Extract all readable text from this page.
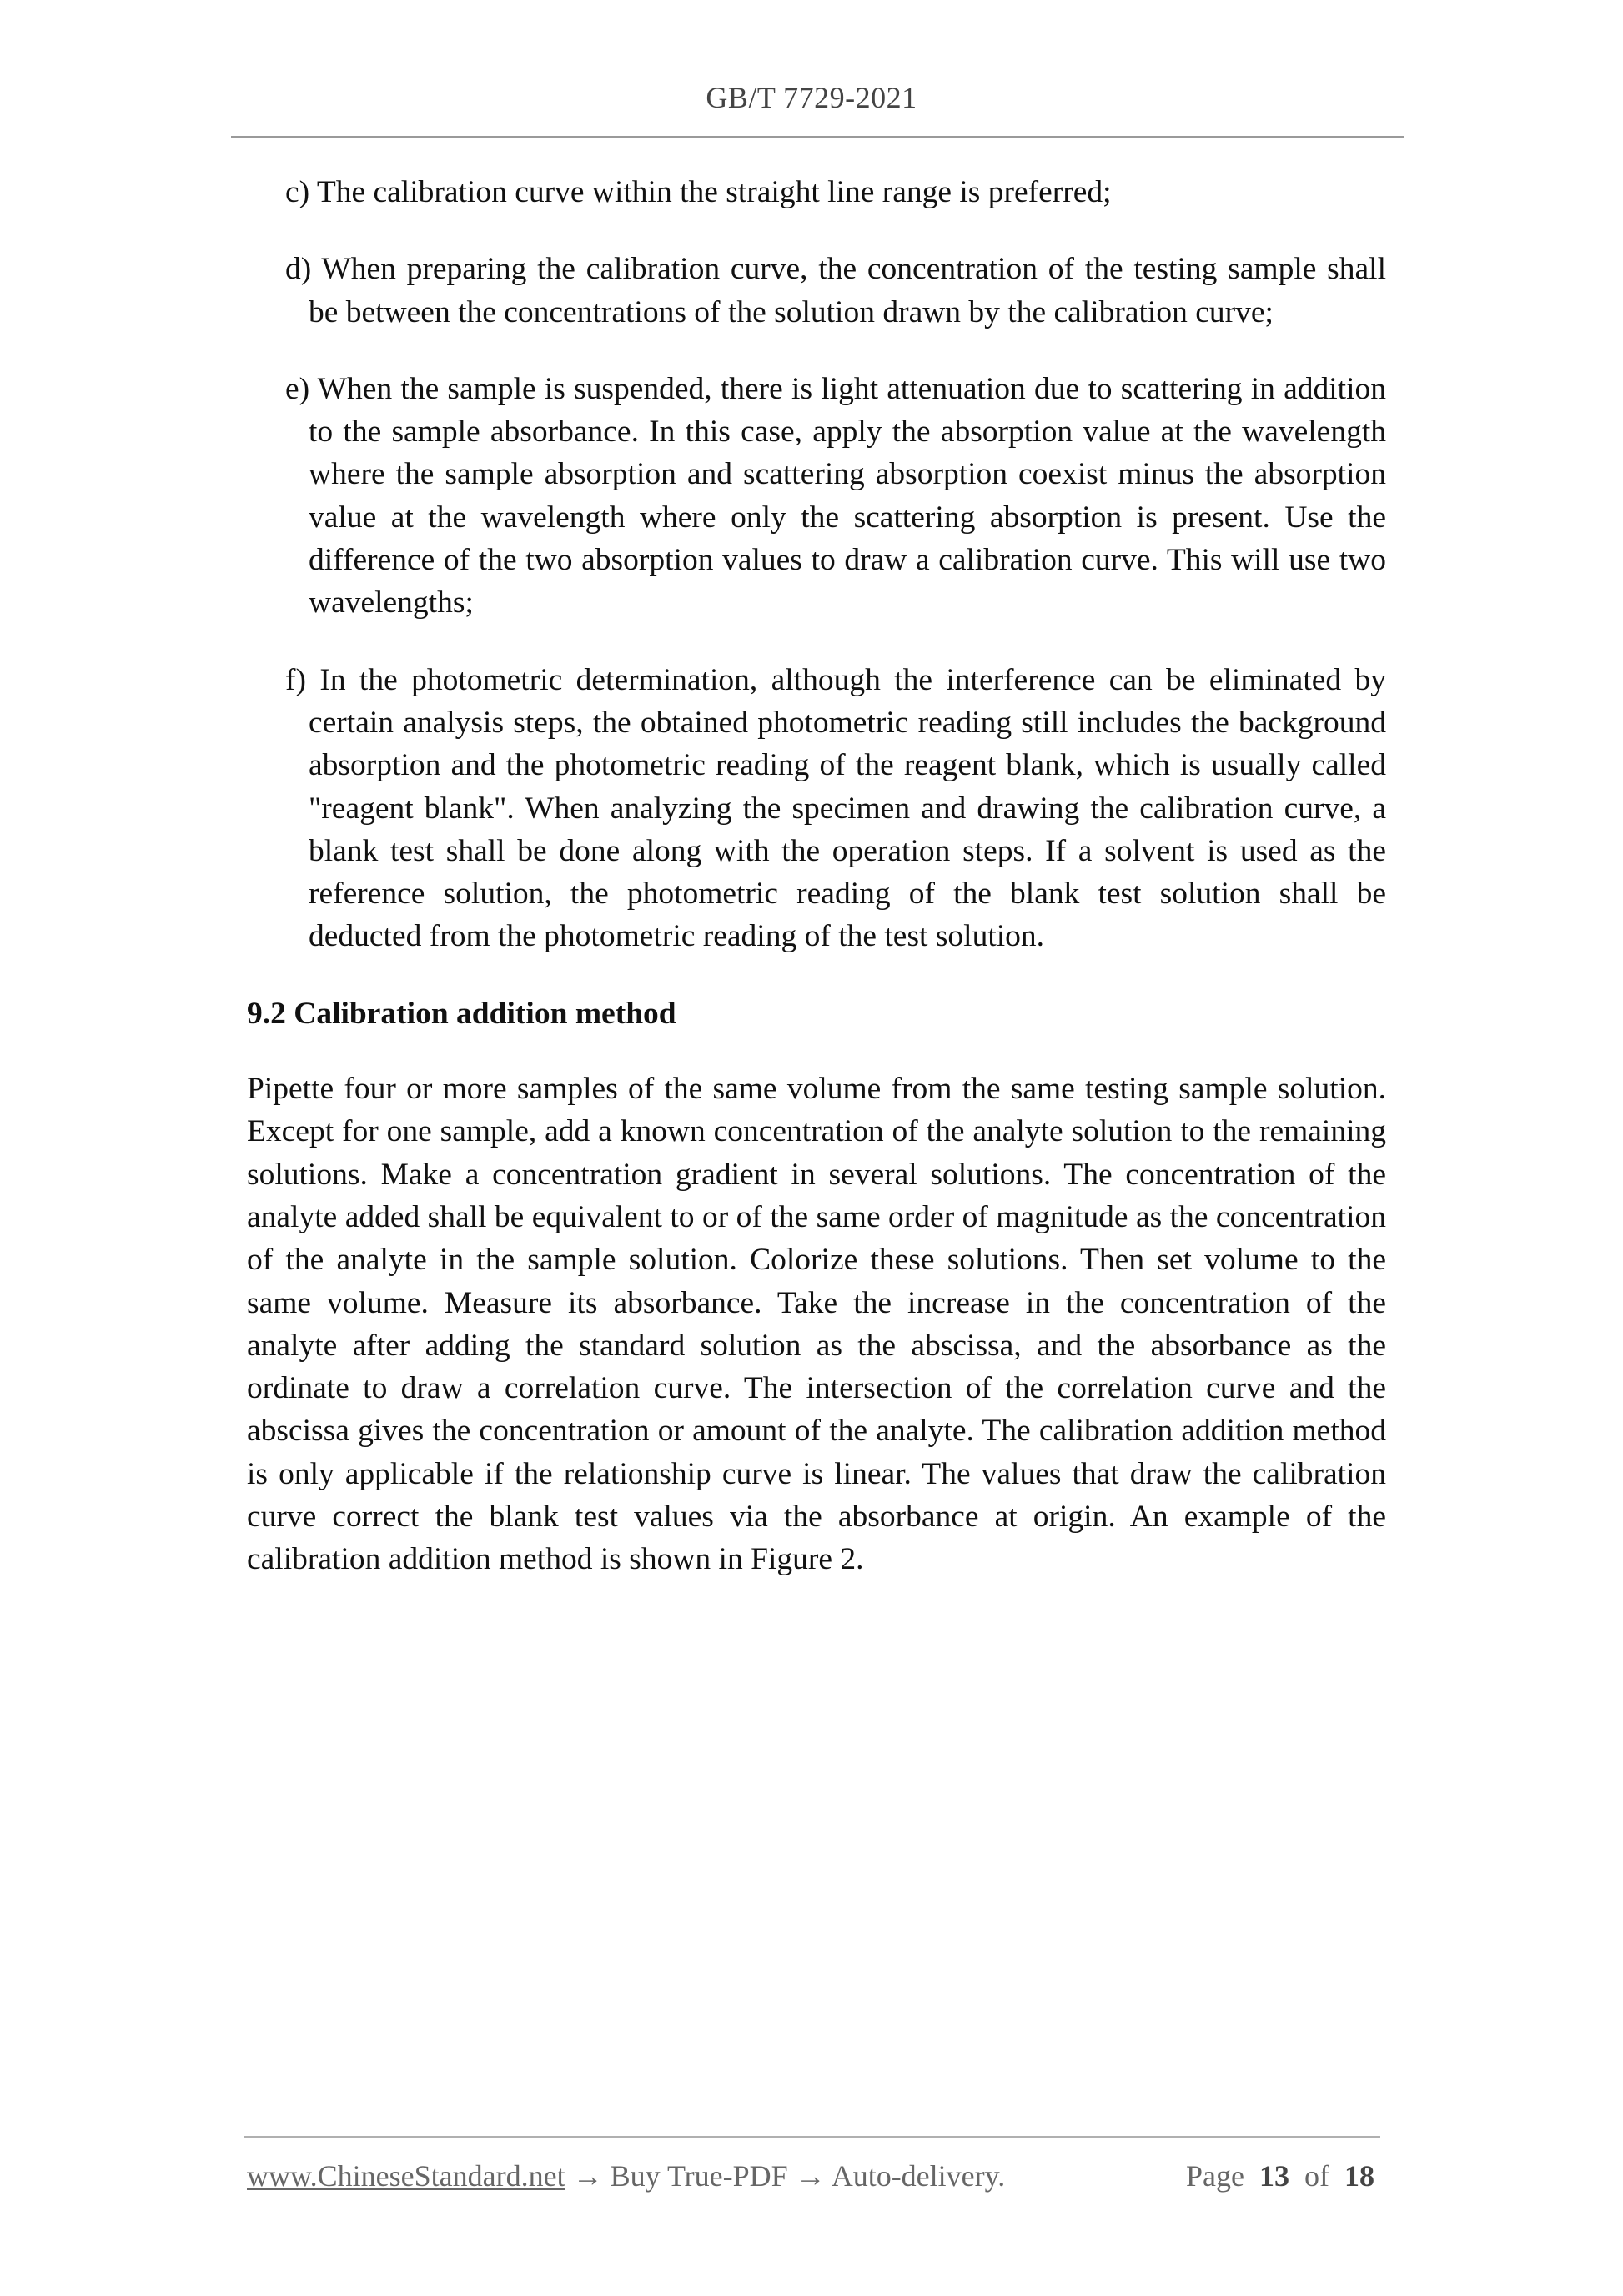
GB/T 7729-2021

c) The calibration curve within the straight line range is preferred;

d) When preparing the calibration curve, the concentration of the testing sample shall be between the concentrations of the solution drawn by the calibration curve;

e) When the sample is suspended, there is light attenuation due to scattering in addition to the sample absorbance. In this case, apply the absorption value at the wavelength where the sample absorption and scattering absorption coexist minus the absorption value at the wavelength where only the scattering absorption is present. Use the difference of the two absorption values to draw a calibration curve. This will use two wavelengths;

f) In the photometric determination, although the interference can be eliminated by certain analysis steps, the obtained photometric reading still includes the background absorption and the photometric reading of the reagent blank, which is usually called "reagent blank". When analyzing the specimen and drawing the calibration curve, a blank test shall be done along with the operation steps. If a solvent is used as the reference solution, the photometric reading of the blank test solution shall be deducted from the photometric reading of the test solution.

9.2 Calibration addition method

Pipette four or more samples of the same volume from the same testing sample solution. Except for one sample, add a known concentration of the analyte solution to the remaining solutions. Make a concentration gradient in several solutions. The concentration of the analyte added shall be equivalent to or of the same order of magnitude as the concentration of the analyte in the sample solution. Colorize these solutions. Then set volume to the same volume. Measure its absorbance. Take the increase in the concentration of the analyte after adding the standard solution as the abscissa, and the absorbance as the ordinate to draw a correlation curve. The intersection of the correlation curve and the abscissa gives the concentration or amount of the analyte. The calibration addition method is only applicable if the relationship curve is linear. The values that draw the calibration curve correct the blank test values via the absorbance at origin. An example of the calibration addition method is shown in Figure 2.

www.ChineseStandard.net → Buy True-PDF → Auto-delivery.	Page 13 of 18
